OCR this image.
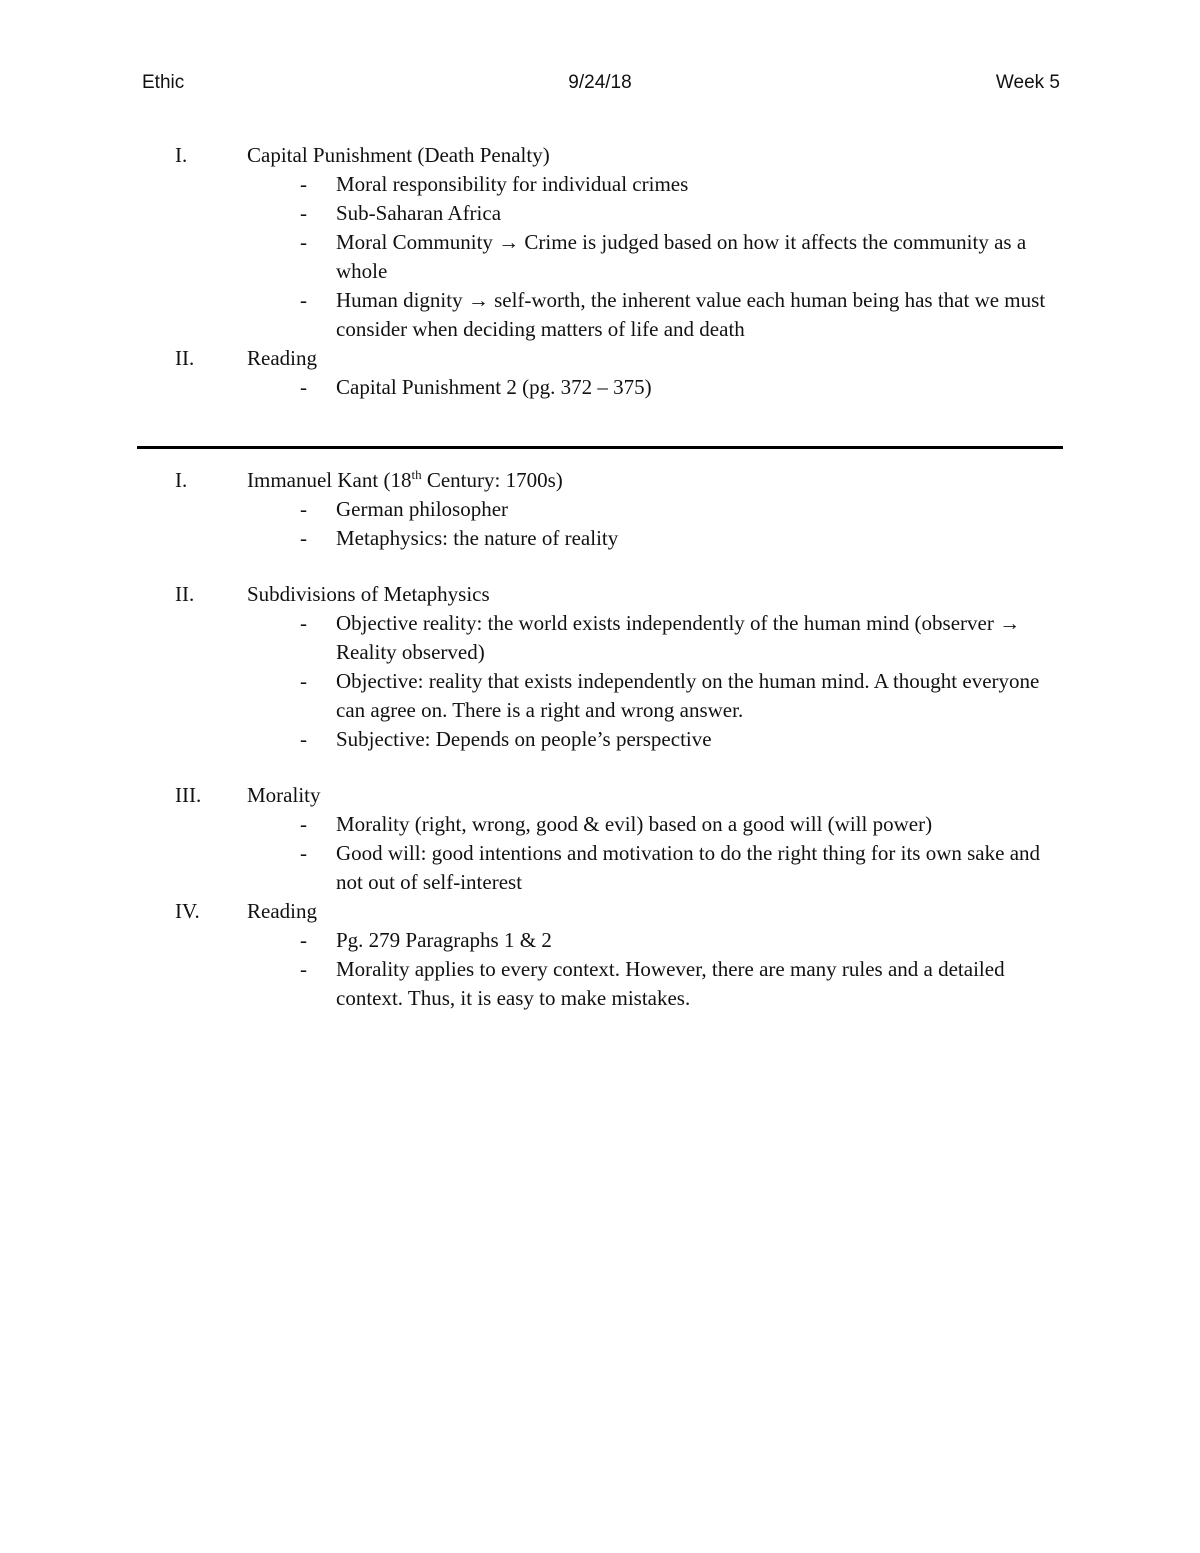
Ethic	9/24/18	Week 5
I.	Capital Punishment (Death Penalty)
- Moral responsibility for individual crimes
- Sub-Saharan Africa
- Moral Community → Crime is judged based on how it affects the community as a whole
- Human dignity → self-worth, the inherent value each human being has that we must consider when deciding matters of life and death
II.	Reading
- Capital Punishment 2 (pg. 372 – 375)
I.	Immanuel Kant (18th Century: 1700s)
- German philosopher
- Metaphysics: the nature of reality
II.	Subdivisions of Metaphysics
- Objective reality: the world exists independently of the human mind (observer → Reality observed)
- Objective: reality that exists independently on the human mind. A thought everyone can agree on. There is a right and wrong answer.
- Subjective: Depends on people’s perspective
III. Morality
- Morality (right, wrong, good & evil) based on a good will (will power)
- Good will: good intentions and motivation to do the right thing for its own sake and not out of self-interest
IV. Reading
- Pg. 279 Paragraphs 1 & 2
- Morality applies to every context. However, there are many rules and a detailed context. Thus, it is easy to make mistakes.
